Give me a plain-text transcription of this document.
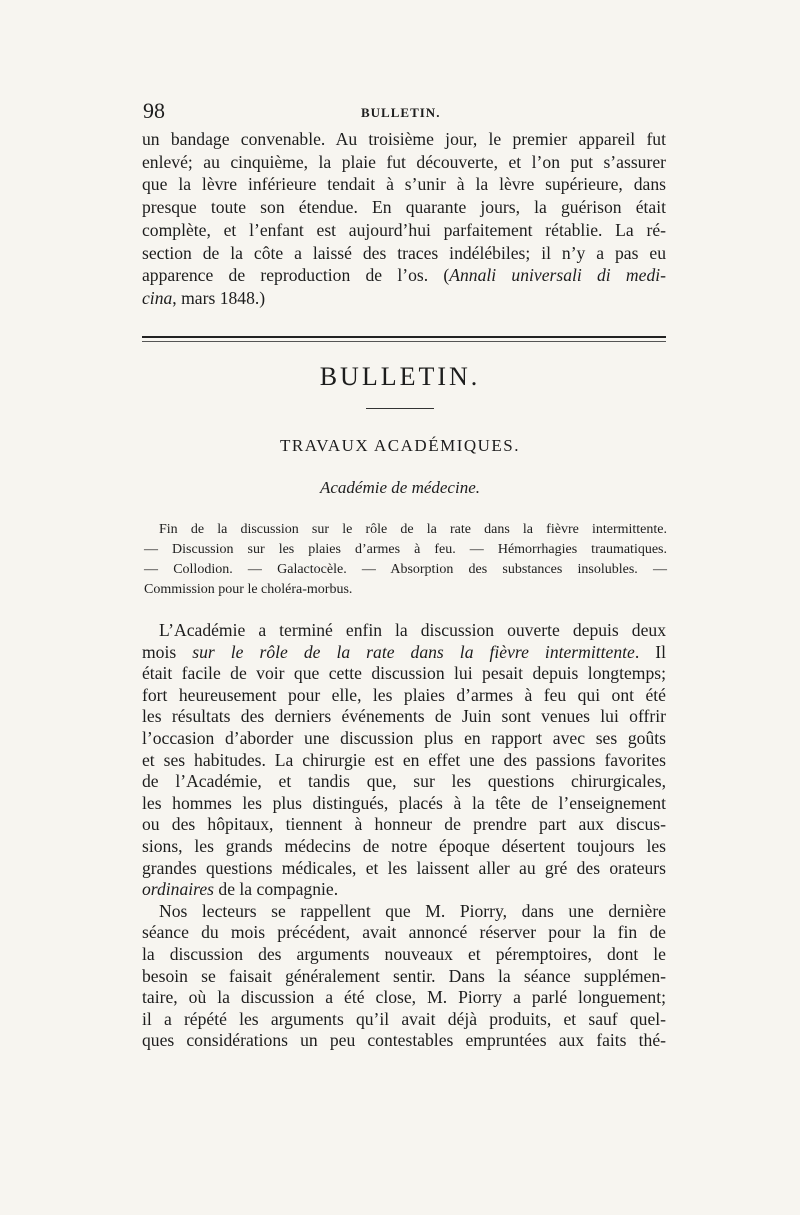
98	BULLETIN.
un bandage convenable. Au troisième jour, le premier appareil fut
enlevé; au cinquième, la plaie fut découverte, et l’on put s’assurer
que la lèvre inférieure tendait à s’unir à la lèvre supérieure, dans
presque toute son étendue. En quarante jours, la guérison était
complète, et l’enfant est aujourd’hui parfaitement rétablie. La ré-
section de la côte a laissé des traces indélébiles; il n’y a pas eu
apparence de reproduction de l’os. (Annali universali di medi-
cina, mars 1848.)
BULLETIN.
TRAVAUX ACADÉMIQUES.
Académie de médecine.
Fin de la discussion sur le rôle de la rate dans la fièvre intermittente.
— Discussion sur les plaies d’armes à feu. — Hémorrhagies traumatiques.
— Collodion. — Galactocèle. — Absorption des substances insolubles. —
Commission pour le choléra-morbus.
L’Académie a terminé enfin la discussion ouverte depuis deux
mois sur le rôle de la rate dans la fièvre intermittente. Il
était facile de voir que cette discussion lui pesait depuis longtemps;
fort heureusement pour elle, les plaies d’armes à feu qui ont été
les résultats des derniers événements de Juin sont venues lui offrir
l’occasion d’aborder une discussion plus en rapport avec ses goûts
et ses habitudes. La chirurgie est en effet une des passions favorites
de l’Académie, et tandis que, sur les questions chirurgicales,
les hommes les plus distingués, placés à la tête de l’enseignement
ou des hôpitaux, tiennent à honneur de prendre part aux discus-
sions, les grands médecins de notre époque désertent toujours les
grandes questions médicales, et les laissent aller au gré des orateurs
ordinaires de la compagnie.
Nos lecteurs se rappellent que M. Piorry, dans une dernière
séance du mois précédent, avait annoncé réserver pour la fin de
la discussion des arguments nouveaux et péremptoires, dont le
besoin se faisait généralement sentir. Dans la séance supplémen-
taire, où la discussion a été close, M. Piorry a parlé longuement;
il a répété les arguments qu’il avait déjà produits, et sauf quel-
ques considérations un peu contestables empruntées aux faits thé-
